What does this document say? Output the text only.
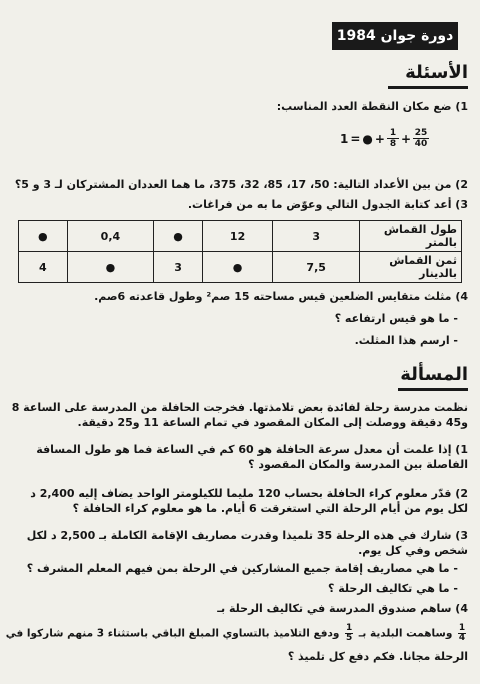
دورة جوان 1984
الأسئلة
1) ضع مكان النقطة العدد المناسب:
1 = ● + $\frac{1}{8} + \frac{25}{40}$
2) من بين الأعداد التالية: 50، 17، 85، 32، 375، ما هما العددان المشتركان لـ 3 و 5؟
3) أعد كتابة الجدول التالي وعوّض ما به من فراغات.
طول القماش بالمتر	3	12	●	0,4	●
ثمن القماش بالدينار	7,5	●	3	●	4
4) مثلث متقايس الضلعين قيس مساحته 15 صم² وطول قاعدته 6صم.
- ما هو قيس ارتفاعه ؟
- ارسم هذا المثلث.
المسألة
نظمت مدرسة رحلة لفائدة بعض تلامذتها. فخرجت الحافلة من المدرسة على الساعة 8 و45 دقيقة ووصلت إلى المكان المقصود في تمام الساعة 11 و25 دقيقة.
1) إذا علمت أن معدل سرعة الحافلة هو 60 كم في الساعة فما هو طول المسافة الفاصلة بين المدرسة والمكان المقصود ؟
2) قدّر معلوم كراء الحافلة بحساب 120 مليما للكيلومتر الواحد يضاف إليه 2,400 د لكل يوم من أيام الرحلة التي استغرقت 6 أيام. ما هو معلوم كراء الحافلة ؟
3) شارك في هذه الرحلة 35 تلميذا وقدرت مصاريف الإقامة الكاملة بـ 2,500 د لكل شخص وفي كل يوم.
- ما هي مصاريف إقامة جميع المشاركين في الرحلة بمن فيهم المعلم المشرف ؟
- ما هي تكاليف الرحلة ؟
4) ساهم صندوق المدرسة في تكاليف الرحلة بـ
$\frac{1}{4}$
وساهمت البلدية بـ
$\frac{1}{5}$
ودفع التلاميذ بالتساوي المبلغ الباقي باستثناء 3 منهم شاركوا في
الرحلة مجانا. فكم دفع كل تلميذ ؟
